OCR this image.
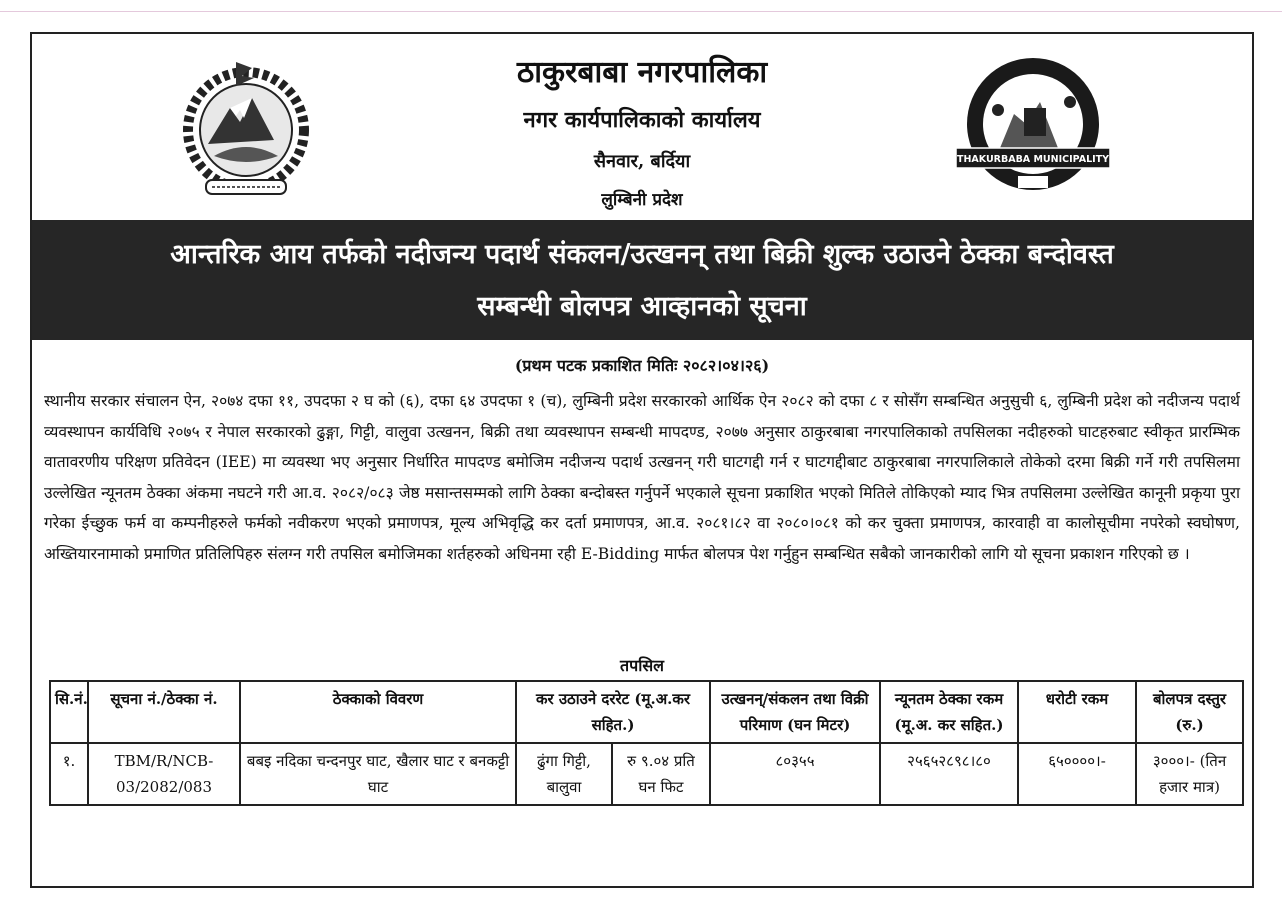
ठाकुरबाबा नगरपालिका
नगर कार्यपालिकाको कार्यालय
सैनवार, बर्दिया
लुम्बिनी प्रदेश
THAKURBABA MUNICIPALITY
आन्तरिक आय तर्फको नदीजन्य पदार्थ संकलन/उत्खनन् तथा बिक्री शुल्क उठाउने ठेक्का बन्दोवस्त
सम्बन्धी बोलपत्र आव्हानको सूचना
(प्रथम पटक प्रकाशित मितिः २०८२।०४।२६)
स्थानीय सरकार संचालन ऐन, २०७४ दफा ११, उपदफा २ घ को (६), दफा ६४ उपदफा १ (च), लुम्बिनी प्रदेश सरकारको आर्थिक ऐन २०८२ को दफा ८ र सोसँग सम्बन्धित अनुसुची ६, लुम्बिनी प्रदेश को नदीजन्य पदार्थ व्यवस्थापन कार्यविधि २०७५ र नेपाल सरकारको ढुङ्गा, गिट्टी, वालुवा उत्खनन, बिक्री तथा व्यवस्थापन सम्बन्धी मापदण्ड, २०७७ अनुसार ठाकुरबाबा नगरपालिकाको तपसिलका नदीहरुको घाटहरुबाट स्वीकृत प्रारम्भिक वातावरणीय परिक्षण प्रतिवेदन (IEE) मा व्यवस्था भए अनुसार निर्धारित मापदण्ड बमोजिम नदीजन्य पदार्थ उत्खनन् गरी घाटगद्दी गर्न र घाटगद्दीबाट ठाकुरबाबा नगरपालिकाले तोकेको दरमा बिक्री गर्ने गरी तपसिलमा उल्लेखित न्यूनतम ठेक्का अंकमा नघटने गरी आ.व. २०८२/०८३ जेष्ठ मसान्तसम्मको लागि ठेक्का बन्दोबस्त गर्नुपर्ने भएकाले सूचना प्रकाशित भएको मितिले तोकिएको म्याद भित्र तपसिलमा उल्लेखित कानूनी प्रकृया पुरा गरेका ईच्छुक फर्म वा कम्पनीहरुले फर्मको नवीकरण भएको प्रमाणपत्र, मूल्य अभिवृद्धि कर दर्ता प्रमाणपत्र, आ.व. २०८१।८२ वा २०८०।०८१ को कर चुक्ता प्रमाणपत्र, कारवाही वा कालोसूचीमा नपरेको स्वघोषण, अख्तियारनामाको प्रमाणित प्रतिलिपिहरु संलग्न गरी तपसिल बमोजिमका शर्तहरुको अधिनमा रही E-Bidding मार्फत बोलपत्र पेश गर्नुहुन सम्बन्धित सबैको जानकारीको लागि यो सूचना प्रकाशन गरिएको छ ।
तपसिल
सि.नं.	सूचना नं./ठेक्का नं.	ठेक्काको विवरण	कर उठाउने दररेट (मू.अ.कर सहित.)		उत्खनन्/संकलन तथा विक्री परिमाण (घन मिटर)	न्यूनतम ठेक्का रकम (मू.अ. कर सहित.)	धरोटी रकम	बोलपत्र दस्तुर (रु.)
१.	TBM/R/NCB-03/2082/083	बबइ नदिका चन्दनपुर घाट, खैलार घाट र बनकट्टी घाट	ढुंगा गिट्टी, बालुवा	रु ९.०४ प्रति घन फिट	८०३५५	२५६५२८९८।८०	६५००००।-	३०००।- (तिन हजार मात्र)
